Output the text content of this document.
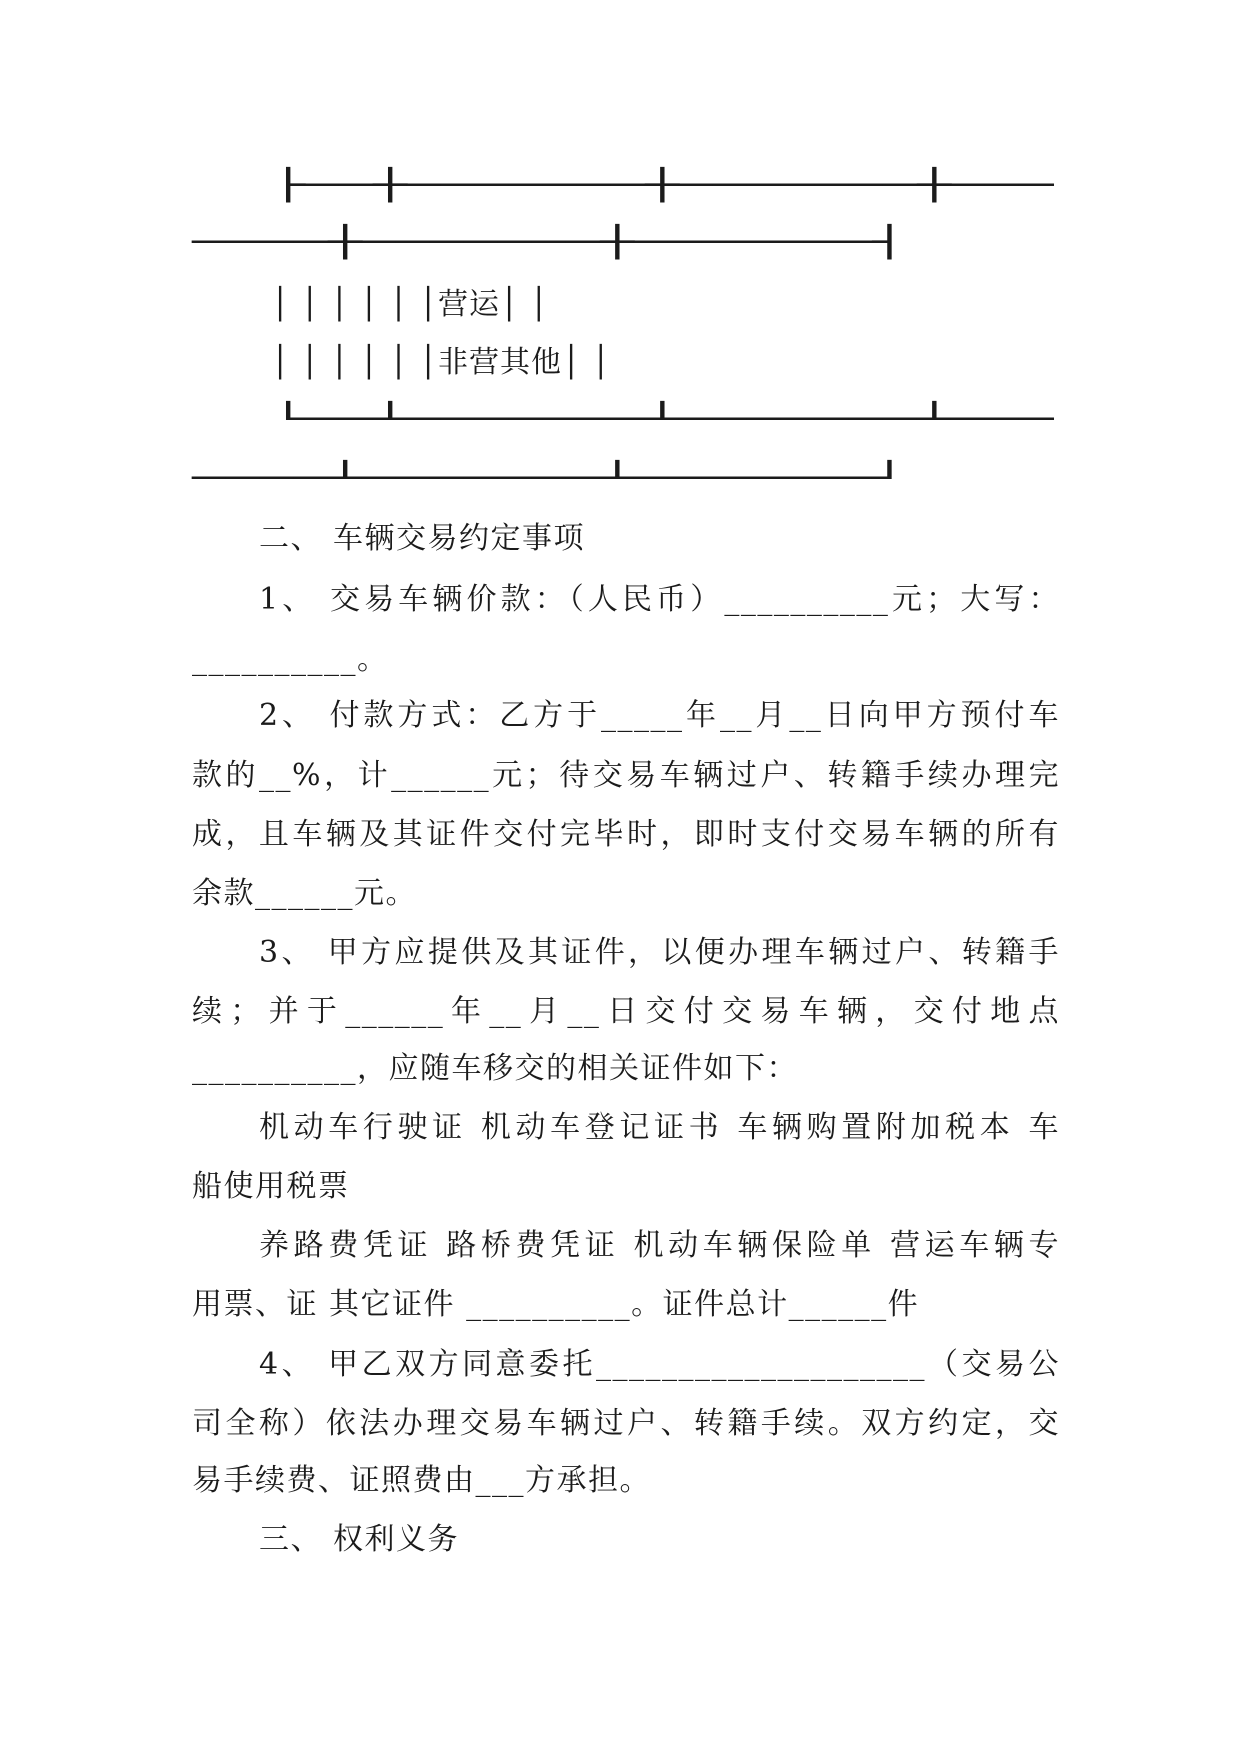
├──┼───────┼───────┼───
────┼───────┼───────┤
│ │ │ │ │ │营运│ │
│ │ │ │ │ │非营其他│ │
└──┴───────┴───────┴───
────┴───────┴───────┘

二、 车辆交易约定事项

1、 交易车辆价款：（人民币）__________元；大写：

__________。

2、 付款方式：乙方于_____年__月__日向甲方预付车

款的__%，计______元；待交易车辆过户、转籍手续办理完

成，且车辆及其证件交付完毕时，即时支付交易车辆的所有

余款______元。

3、 甲方应提供及其证件，以便办理车辆过户、转籍手

续；并于______年__月__日交付交易车辆，交付地点

__________，应随车移交的相关证件如下：

机动车行驶证 机动车登记证书 车辆购置附加税本 车

船使用税票

养路费凭证 路桥费凭证 机动车辆保险单 营运车辆专

用票、证 其它证件 __________。证件总计______件

4、 甲乙双方同意委托____________________（交易公

司全称）依法办理交易车辆过户、转籍手续。双方约定，交

易手续费、证照费由___方承担。

三、 权利义务
